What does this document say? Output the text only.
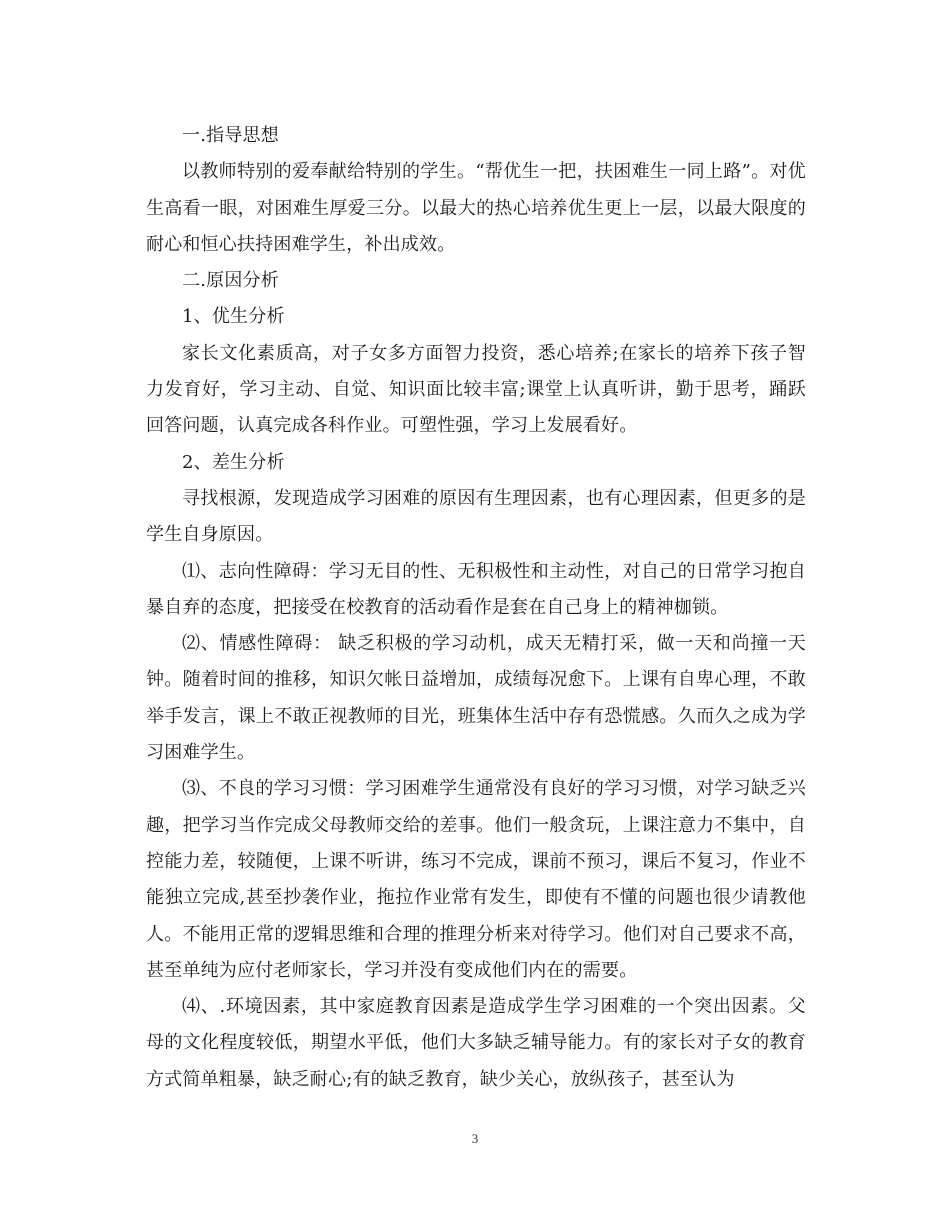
一.指导思想

以教师特别的爱奉献给特别的学生。“帮优生一把，扶困难生一同上路”。对优生高看一眼，对困难生厚爱三分。以最大的热心培养优生更上一层，以最大限度的耐心和恒心扶持困难学生，补出成效。

二.原因分析

1、优生分析

家长文化素质高，对子女多方面智力投资，悉心培养;在家长的培养下孩子智力发育好，学习主动、自觉、知识面比较丰富;课堂上认真听讲，勤于思考，踊跃回答问题，认真完成各科作业。可塑性强，学习上发展看好。

2、差生分析

寻找根源，发现造成学习困难的原因有生理因素，也有心理因素，但更多的是学生自身原因。

⑴、志向性障碍：学习无目的性、无积极性和主动性，对自己的日常学习抱自暴自弃的态度，把接受在校教育的活动看作是套在自己身上的精神枷锁。

⑵、情感性障碍： 缺乏积极的学习动机，成天无精打采，做一天和尚撞一天钟。随着时间的推移，知识欠帐日益增加，成绩每况愈下。上课有自卑心理，不敢举手发言，课上不敢正视教师的目光，班集体生活中存有恐慌感。久而久之成为学习困难学生。

⑶、不良的学习习惯：学习困难学生通常没有良好的学习习惯，对学习缺乏兴趣，把学习当作完成父母教师交给的差事。他们一般贪玩，上课注意力不集中，自控能力差，较随便，上课不听讲，练习不完成，课前不预习，课后不复习，作业不能独立完成,甚至抄袭作业，拖拉作业常有发生，即使有不懂的问题也很少请教他人。不能用正常的逻辑思维和合理的推理分析来对待学习。他们对自己要求不高，甚至单纯为应付老师家长，学习并没有变成他们内在的需要。

⑷、.环境因素，其中家庭教育因素是造成学生学习困难的一个突出因素。父母的文化程度较低，期望水平低，他们大多缺乏辅导能力。有的家长对子女的教育方式简单粗暴，缺乏耐心;有的缺乏教育，缺少关心，放纵孩子，甚至认为

3
